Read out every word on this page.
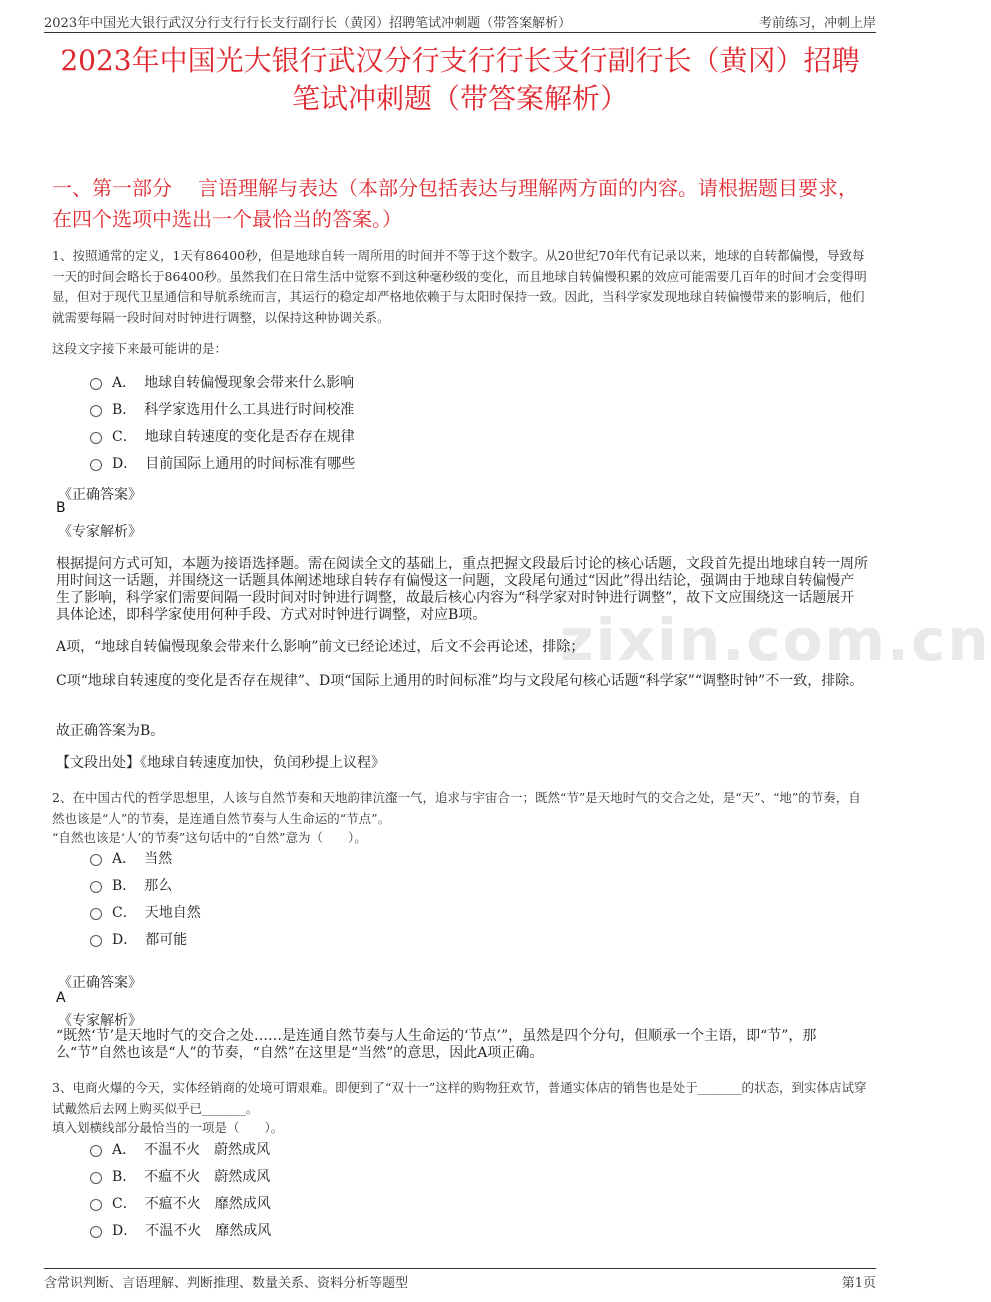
2023年中国光大银行武汉分行支行行长支行副行长（黄冈）招聘笔试冲刺题（带答案解析）	考前练习，冲刺上岸
2023年中国光大银行武汉分行支行行长支行副行长（黄冈）招聘笔试冲刺题（带答案解析）
一、第一部分 言语理解与表达（本部分包括表达与理解两方面的内容。请根据题目要求，在四个选项中选出一个最恰当的答案。）
zixin.com.cn
1、按照通常的定义，1天有86400秒，但是地球自转一周所用的时间并不等于这个数字。从20世纪70年代有记录以来，地球的自转都偏慢，导致每一天的时间会略长于86400秒。虽然我们在日常生活中觉察不到这种毫秒级的变化，而且地球自转偏慢积累的效应可能需要几百年的时间才会变得明显，但对于现代卫星通信和导航系统而言，其运行的稳定却严格地依赖于与太阳时保持一致。因此，当科学家发现地球自转偏慢带来的影响后，他们就需要每隔一段时间对时钟进行调整，以保持这种协调关系。
这段文字接下来最可能讲的是：
A． 地球自转偏慢现象会带来什么影响
B． 科学家选用什么工具进行时间校准
C． 地球自转速度的变化是否存在规律
D． 目前国际上通用的时间标准有哪些
《正确答案》
B
《专家解析》
根据提问方式可知，本题为接语选择题。需在阅读全文的基础上，重点把握文段最后讨论的核心话题，文段首先提出地球自转一周所用时间这一话题，并围绕这一话题具体阐述地球自转存有偏慢这一问题，文段尾句通过“因此”得出结论，强调由于地球自转偏慢产生了影响，科学家们需要间隔一段时间对时钟进行调整，故最后核心内容为“科学家对时钟进行调整”，故下文应围绕这一话题展开具体论述，即科学家使用何种手段、方式对时钟进行调整，对应B项。
A项，“地球自转偏慢现象会带来什么影响”前文已经论述过，后文不会再论述，排除；
C项“地球自转速度的变化是否存在规律”、D项“国际上通用的时间标准”均与文段尾句核心话题“科学家”“调整时钟”不一致，排除。
故正确答案为B。
【文段出处】《地球自转速度加快，负闰秒提上议程》
2、在中国古代的哲学思想里，人该与自然节奏和天地韵律沆瀣一气，追求与宇宙合一；既然“节”是天地时气的交合之处，是“天”、“地”的节奏，自然也该是“人”的节奏，是连通自然节奏与人生命运的“节点”。
“自然也该是‘人’的节奏”这句话中的“自然”意为（　　）。
A． 当然
B． 那么
C． 天地自然
D． 都可能
《正确答案》
A
《专家解析》
“既然‘节’是天地时气的交合之处……是连通自然节奏与人生命运的‘节点’”，虽然是四个分句，但顺承一个主语，即“节”，那么“节”自然也该是“人”的节奏，“自然”在这里是“当然”的意思，因此A项正确。
3、电商火爆的今天，实体经销商的处境可谓艰难。即便到了“双十一”这样的购物狂欢节，普通实体店的销售也是处于_______的状态，到实体店试穿试戴然后去网上购买似乎已_______。
填入划横线部分最恰当的一项是（　　）。
A． 不温不火　蔚然成风
B． 不瘟不火　蔚然成风
C． 不瘟不火　靡然成风
D． 不温不火　靡然成风
含常识判断、言语理解、判断推理、数量关系、资料分析等题型	第1页
